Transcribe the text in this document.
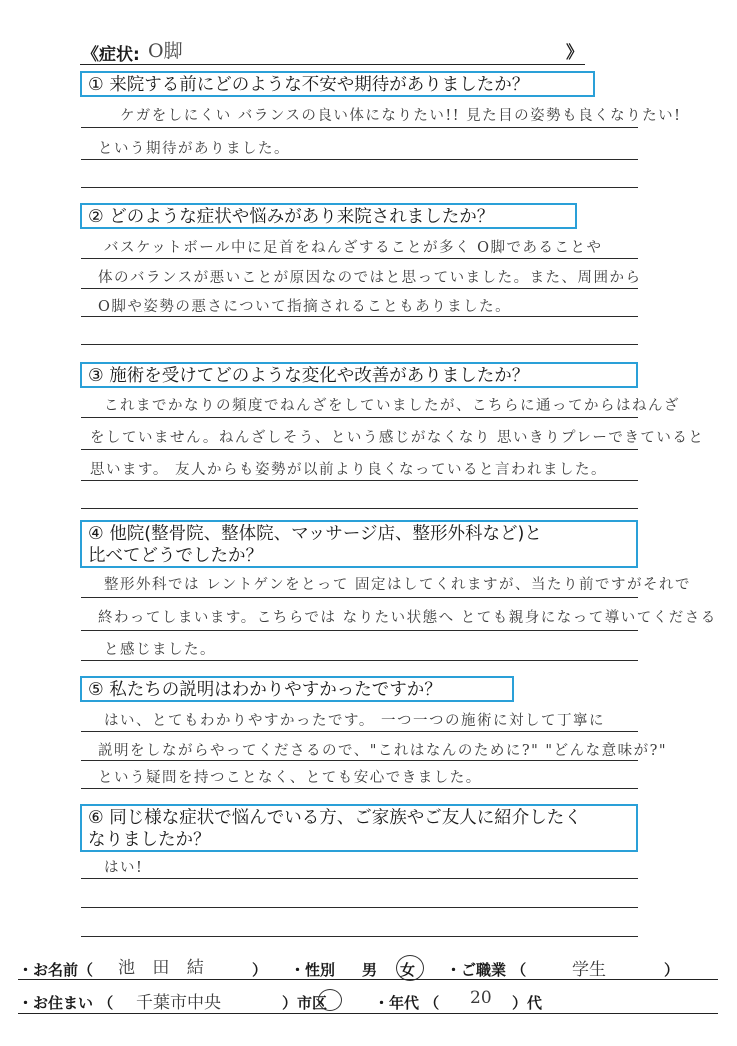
《症状: O脚	》
① 来院する前にどのような不安や期待がありましたか？
ケガをしにくい バランスの良い体になりたい!! 見た目の姿勢も良くなりたい!
という期待がありました。
② どのような症状や悩みがあり来院されましたか？
バスケットボール中に足首をねんざすることが多く O脚であることや
体のバランスが悪いことが原因なのではと思っていました。また、周囲から
O脚や姿勢の悪さについて指摘されることもありました。
③ 施術を受けてどのような変化や改善がありましたか？
これまでかなりの頻度でねんざをしていましたが、こちらに通ってからはねんざ
をしていません。ねんざしそう、という感じがなくなり 思いきりプレーできていると
思います。 友人からも姿勢が以前より良くなっていると言われました。
④ 他院(整骨院、整体院、マッサージ店、整形外科など)と
比べてどうでしたか？
整形外科では レントゲンをとって 固定はしてくれますが、当たり前ですがそれで
終わってしまいます。こちらでは なりたい状態へ とても親身になって導いてくださる
と感じました。
⑤ 私たちの説明はわかりやすかったですか？
はい、とてもわかりやすかったです。 一つ一つの施術に対して丁寧に
説明をしながらやってくださるので、"これはなんのために?" "どんな意味が?"
という疑問を持つことなく、とても安心できました。
⑥ 同じ様な症状で悩んでいる方、ご家族やご友人に紹介したく
なりましたか？
はい!
・お名前（ 池 田 結	） ・性別 男 女 ・ご職業 （	学生	）
・お住まい （ 千葉市中央	）市区	・年代 （ 20 ）代
